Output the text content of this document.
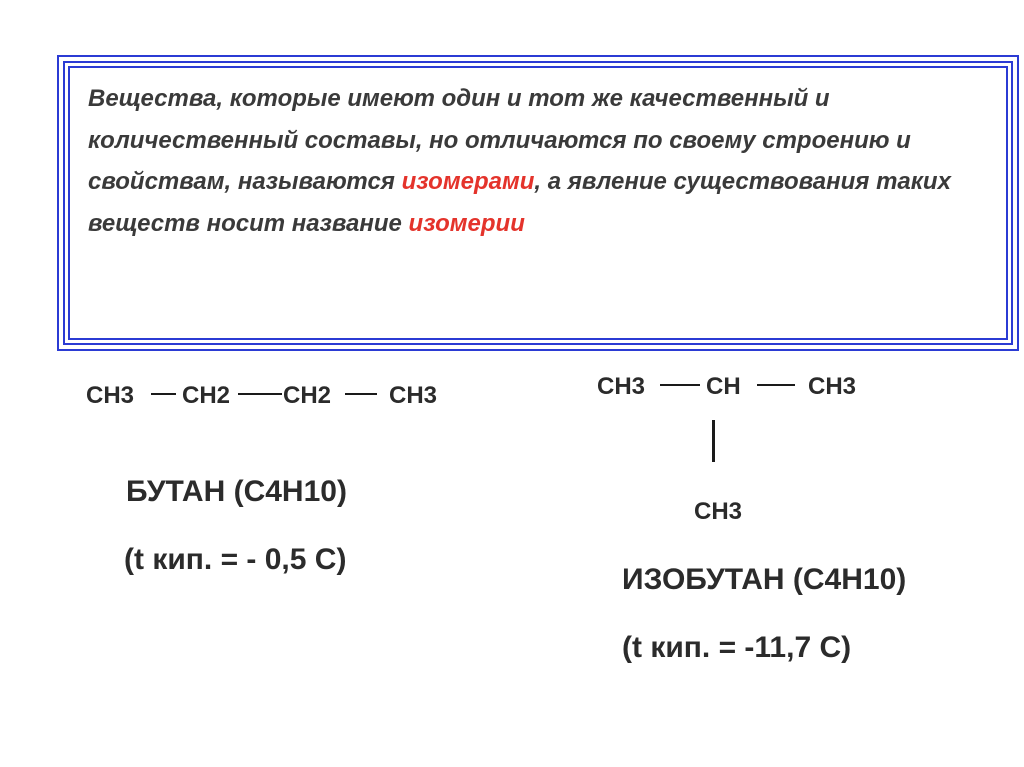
Вещества, которые имеют один и тот же качественный и количественный составы, но отличаются по своему строению и свойствам, называются изомерами, а явление существования таких веществ носит название изомерии

CH3 CH2 CH2 CH3
БУТАН (С4Н10)
(t кип. = - 0,5 С)
CH3	CH	CH3
CH3
ИЗОБУТАН (С4Н10)
(t кип. = -11,7 С)
